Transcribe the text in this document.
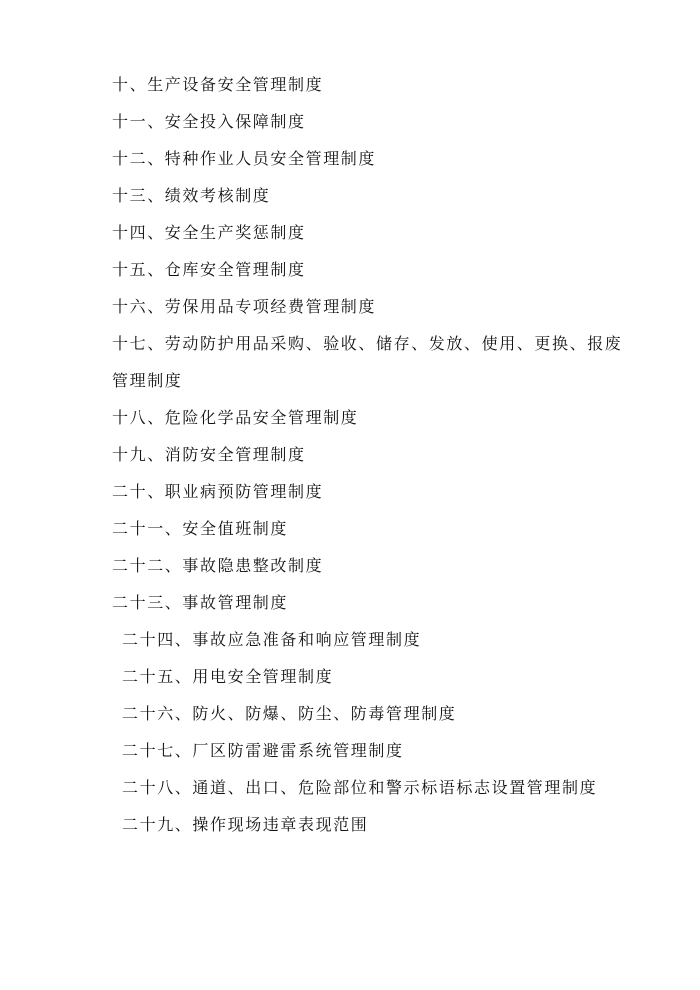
十、生产设备安全管理制度
十一、安全投入保障制度
十二、特种作业人员安全管理制度
十三、绩效考核制度
十四、安全生产奖惩制度
十五、仓库安全管理制度
十六、劳保用品专项经费管理制度
十七、劳动防护用品采购、验收、储存、发放、使用、更换、报废
管理制度
十八、危险化学品安全管理制度
十九、消防安全管理制度
二十、职业病预防管理制度
二十一、安全值班制度
二十二、事故隐患整改制度
二十三、事故管理制度
二十四、事故应急准备和响应管理制度
二十五、用电安全管理制度
二十六、防火、防爆、防尘、防毒管理制度
二十七、厂区防雷避雷系统管理制度
二十八、通道、出口、危险部位和警示标语标志设置管理制度
二十九、操作现场违章表现范围
